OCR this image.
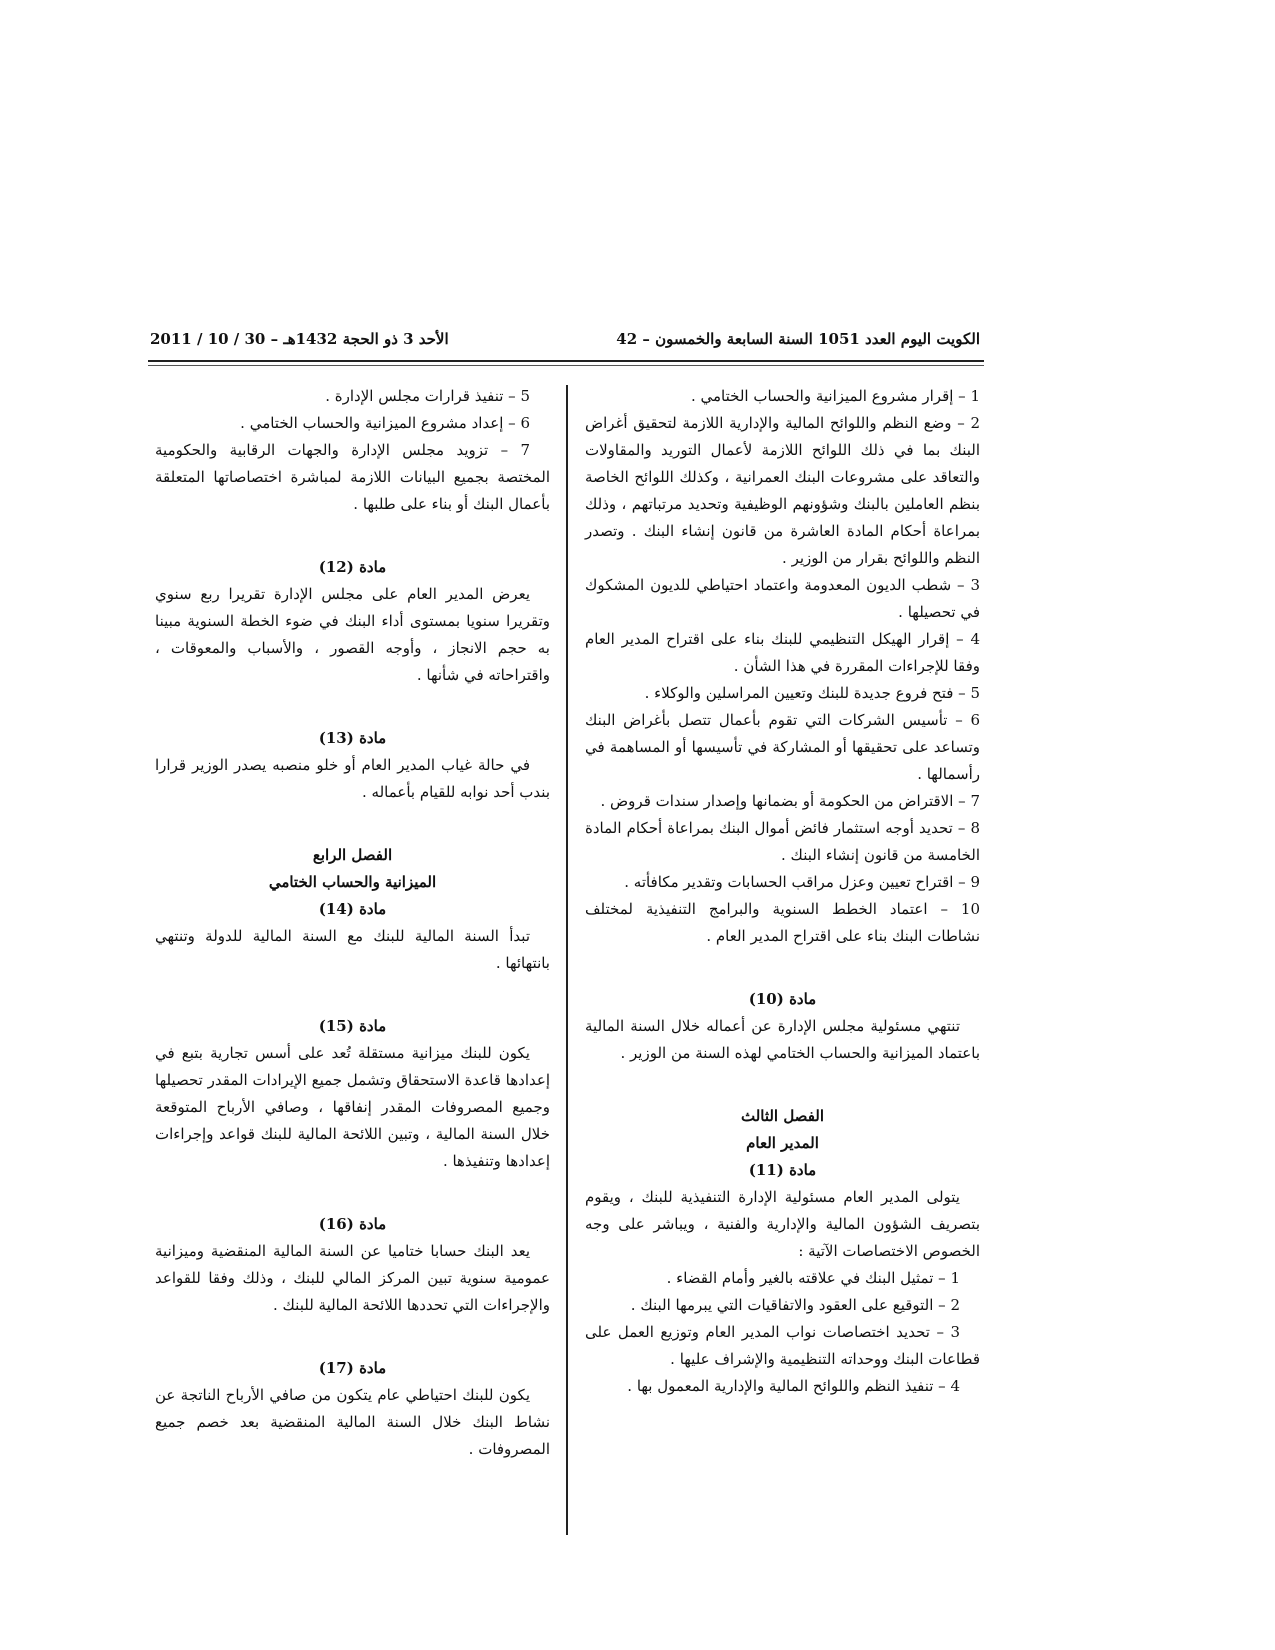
الكويت اليوم العدد 1051 السنة السابعة والخمسون – 42
الأحد 3 ذو الحجة 1432هـ – 30 / 10 / 2011

1 – إقرار مشروع الميزانية والحساب الختامي .

2 – وضع النظم واللوائح المالية والإدارية اللازمة لتحقيق أغراض البنك بما في ذلك اللوائح اللازمة لأعمال التوريد والمقاولات والتعاقد على مشروعات البنك العمرانية ، وكذلك اللوائح الخاصة بنظم العاملين بالبنك وشؤونهم الوظيفية وتحديد مرتباتهم ، وذلك بمراعاة أحكام المادة العاشرة من قانون إنشاء البنك . وتصدر النظم واللوائح بقرار من الوزير .

3 – شطب الديون المعدومة واعتماد احتياطي للديون المشكوك في تحصيلها .

4 – إقرار الهيكل التنظيمي للبنك بناء على اقتراح المدير العام وفقا للإجراءات المقررة في هذا الشأن .

5 – فتح فروع جديدة للبنك وتعيين المراسلين والوكلاء .

6 – تأسيس الشركات التي تقوم بأعمال تتصل بأغراض البنك وتساعد على تحقيقها أو المشاركة في تأسيسها أو المساهمة في رأسمالها .

7 – الاقتراض من الحكومة أو بضمانها وإصدار سندات قروض .

8 – تحديد أوجه استثمار فائض أموال البنك بمراعاة أحكام المادة الخامسة من قانون إنشاء البنك .

9 – اقتراح تعيين وعزل مراقب الحسابات وتقدير مكافأته .

10 – اعتماد الخطط السنوية والبرامج التنفيذية لمختلف نشاطات البنك بناء على اقتراح المدير العام .

مادة (10)

تنتهي مسئولية مجلس الإدارة عن أعماله خلال السنة المالية باعتماد الميزانية والحساب الختامي لهذه السنة من الوزير .

الفصل الثالث

المدير العام

مادة (11)

يتولى المدير العام مسئولية الإدارة التنفيذية للبنك ، ويقوم بتصريف الشؤون المالية والإدارية والفنية ، ويباشر على وجه الخصوص الاختصاصات الآتية :

1 – تمثيل البنك في علاقته بالغير وأمام القضاء .

2 – التوقيع على العقود والاتفاقيات التي يبرمها البنك .

3 – تحديد اختصاصات نواب المدير العام وتوزيع العمل على قطاعات البنك ووحداته التنظيمية والإشراف عليها .

4 – تنفيذ النظم واللوائح المالية والإدارية المعمول بها .

5 – تنفيذ قرارات مجلس الإدارة .

6 – إعداد مشروع الميزانية والحساب الختامي .

7 – تزويد مجلس الإدارة والجهات الرقابية والحكومية المختصة بجميع البيانات اللازمة لمباشرة اختصاصاتها المتعلقة بأعمال البنك أو بناء على طلبها .

مادة (12)

يعرض المدير العام على مجلس الإدارة تقريرا ربع سنوي وتقريرا سنويا بمستوى أداء البنك في ضوء الخطة السنوية مبينا به حجم الانجاز ، وأوجه القصور ، والأسباب والمعوقات ، واقتراحاته في شأنها .

مادة (13)

في حالة غياب المدير العام أو خلو منصبه يصدر الوزير قرارا بندب أحد نوابه للقيام بأعماله .

الفصل الرابع

الميزانية والحساب الختامي

مادة (14)

تبدأ السنة المالية للبنك مع السنة المالية للدولة وتنتهي بانتهائها .

مادة (15)

يكون للبنك ميزانية مستقلة تُعد على أسس تجارية بتبع في إعدادها قاعدة الاستحقاق وتشمل جميع الإيرادات المقدر تحصيلها وجميع المصروفات المقدر إنفاقها ، وصافي الأرباح المتوقعة خلال السنة المالية ، وتبين اللائحة المالية للبنك قواعد وإجراءات إعدادها وتنفيذها .

مادة (16)

يعد البنك حسابا ختاميا عن السنة المالية المنقضية وميزانية عمومية سنوية تبين المركز المالي للبنك ، وذلك وفقا للقواعد والإجراءات التي تحددها اللائحة المالية للبنك .

مادة (17)

يكون للبنك احتياطي عام يتكون من صافي الأرباح الناتجة عن نشاط البنك خلال السنة المالية المنقضية بعد خصم جميع المصروفات .
